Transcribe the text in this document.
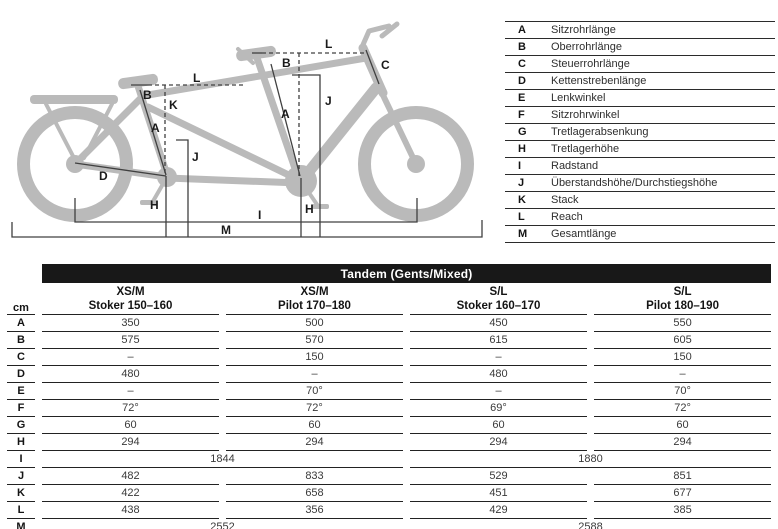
B
K
A
L
D
H
J
L
B	C
A
J
H
I
M
A	Sitzrohrlänge
B	Oberrohrlänge
C	Steuerrohrlänge
D	Kettenstrebenlänge
E	Lenkwinkel
F	Sitzrohrwinkel
G	Tretlagerabsenkung
H	Tretlagerhöhe
I	Radstand
J	Überstandshöhe/Durchstiegshöhe
K	Stack
L	Reach
M	Gesamtlänge
	Tandem (Gents/Mixed)			
cm	
XS/M
Stoker 150–160

XS/M
Pilot 170–180

S/L
Stoker 160–170

S/L
Pilot 180–190

A	350	500	450	550
B	575	570	615	605
C	–	150	–	150
D	480	–	480	–
E	–	70°	–	70°
F	72°	72°	69°	72°
G	60	60	60	60
H	294	294	294	294
I	1844		1880	
J	482	833	529	851
K	422	658	451	677
L	438	356	429	385
M	2552		2588	
